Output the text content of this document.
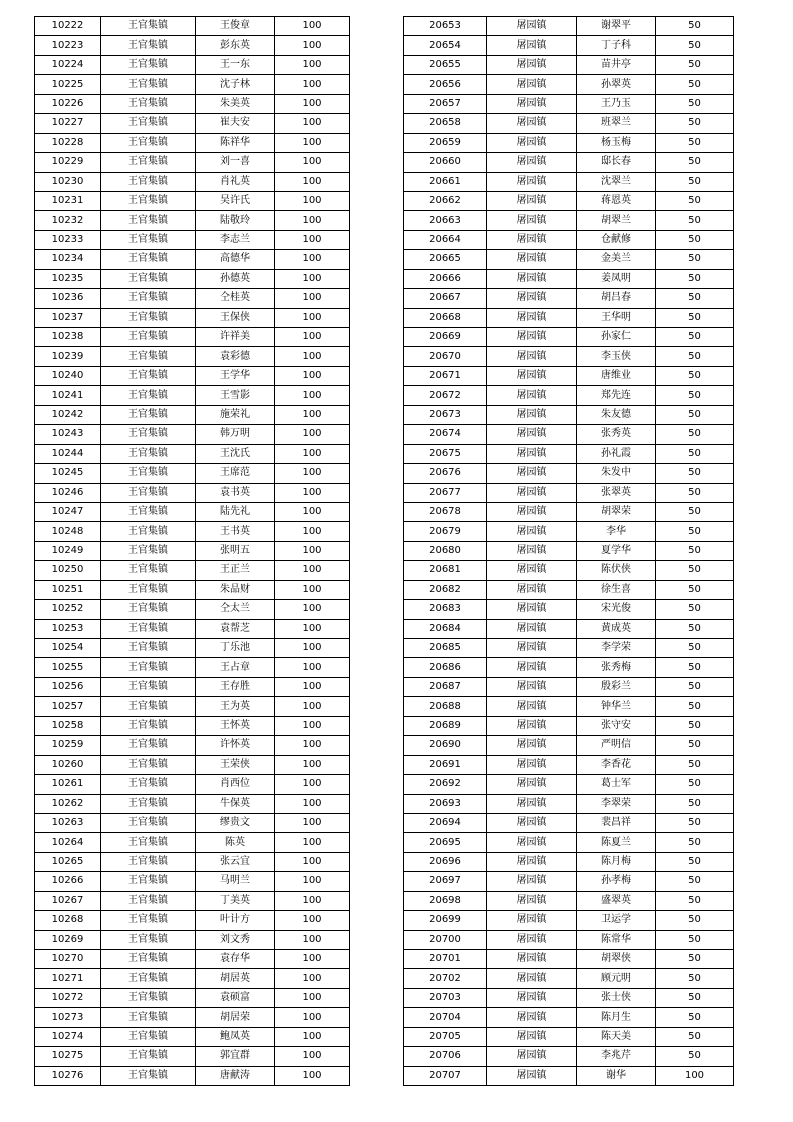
10222	王官集镇	王俊章	100
10223	王官集镇	彭东英	100
10224	王官集镇	王一东	100
10225	王官集镇	沈子林	100
10226	王官集镇	朱美英	100
10227	王官集镇	崔夫安	100
10228	王官集镇	陈祥华	100
10229	王官集镇	刘一喜	100
10230	王官集镇	肖礼英	100
10231	王官集镇	吴许氏	100
10232	王官集镇	陆敬玲	100
10233	王官集镇	李志兰	100
10234	王官集镇	高德华	100
10235	王官集镇	孙德英	100
10236	王官集镇	仝桂英	100
10237	王官集镇	王保侠	100
10238	王官集镇	许祥美	100
10239	王官集镇	袁彩德	100
10240	王官集镇	王学华	100
10241	王官集镇	王雪影	100
10242	王官集镇	施荣礼	100
10243	王官集镇	韩万明	100
10244	王官集镇	王沈氏	100
10245	王官集镇	王席范	100
10246	王官集镇	袁书英	100
10247	王官集镇	陆先礼	100
10248	王官集镇	王书英	100
10249	王官集镇	张明五	100
10250	王官集镇	王正兰	100
10251	王官集镇	朱品财	100
10252	王官集镇	仝太兰	100
10253	王官集镇	袁帮芝	100
10254	王官集镇	丁乐池	100
10255	王官集镇	王占章	100
10256	王官集镇	王存胜	100
10257	王官集镇	王为英	100
10258	王官集镇	王怀英	100
10259	王官集镇	许怀英	100
10260	王官集镇	王荣侠	100
10261	王官集镇	肖西位	100
10262	王官集镇	牛保英	100
10263	王官集镇	缪贵文	100
10264	王官集镇	陈英	100
10265	王官集镇	张云宜	100
10266	王官集镇	马明兰	100
10267	王官集镇	丁美英	100
10268	王官集镇	叶计方	100
10269	王官集镇	刘文秀	100
10270	王官集镇	袁存华	100
10271	王官集镇	胡居英	100
10272	王官集镇	袁硕富	100
10273	王官集镇	胡居荣	100
10274	王官集镇	鲍凤英	100
10275	王官集镇	郭宜群	100
10276	王官集镇	唐献涛	100
20653	屠园镇	谢翠平	50
20654	屠园镇	丁子科	50
20655	屠园镇	苗井亭	50
20656	屠园镇	孙翠英	50
20657	屠园镇	王乃玉	50
20658	屠园镇	班翠兰	50
20659	屠园镇	杨玉梅	50
20660	屠园镇	邸长春	50
20661	屠园镇	沈翠兰	50
20662	屠园镇	蒋恩英	50
20663	屠园镇	胡翠兰	50
20664	屠园镇	仓献修	50
20665	屠园镇	金美兰	50
20666	屠园镇	姜凤明	50
20667	屠园镇	胡吕春	50
20668	屠园镇	王华明	50
20669	屠园镇	孙家仁	50
20670	屠园镇	李玉侠	50
20671	屠园镇	唐维业	50
20672	屠园镇	郑先连	50
20673	屠园镇	朱友德	50
20674	屠园镇	张秀英	50
20675	屠园镇	孙礼霞	50
20676	屠园镇	朱发中	50
20677	屠园镇	张翠英	50
20678	屠园镇	胡翠荣	50
20679	屠园镇	李华	50
20680	屠园镇	夏学华	50
20681	屠园镇	陈伏侠	50
20682	屠园镇	徐生喜	50
20683	屠园镇	宋光俊	50
20684	屠园镇	黄成英	50
20685	屠园镇	李学荣	50
20686	屠园镇	张秀梅	50
20687	屠园镇	殷彩兰	50
20688	屠园镇	钟华兰	50
20689	屠园镇	张守安	50
20690	屠园镇	严明信	50
20691	屠园镇	李香花	50
20692	屠园镇	葛士军	50
20693	屠园镇	李翠荣	50
20694	屠园镇	裴昌祥	50
20695	屠园镇	陈夏兰	50
20696	屠园镇	陈月梅	50
20697	屠园镇	孙孝梅	50
20698	屠园镇	盛翠英	50
20699	屠园镇	卫运学	50
20700	屠园镇	陈常华	50
20701	屠园镇	胡翠侠	50
20702	屠园镇	顾元明	50
20703	屠园镇	张士侠	50
20704	屠园镇	陈月生	50
20705	屠园镇	陈天美	50
20706	屠园镇	李兆芹	50
20707	屠园镇	谢华	100
